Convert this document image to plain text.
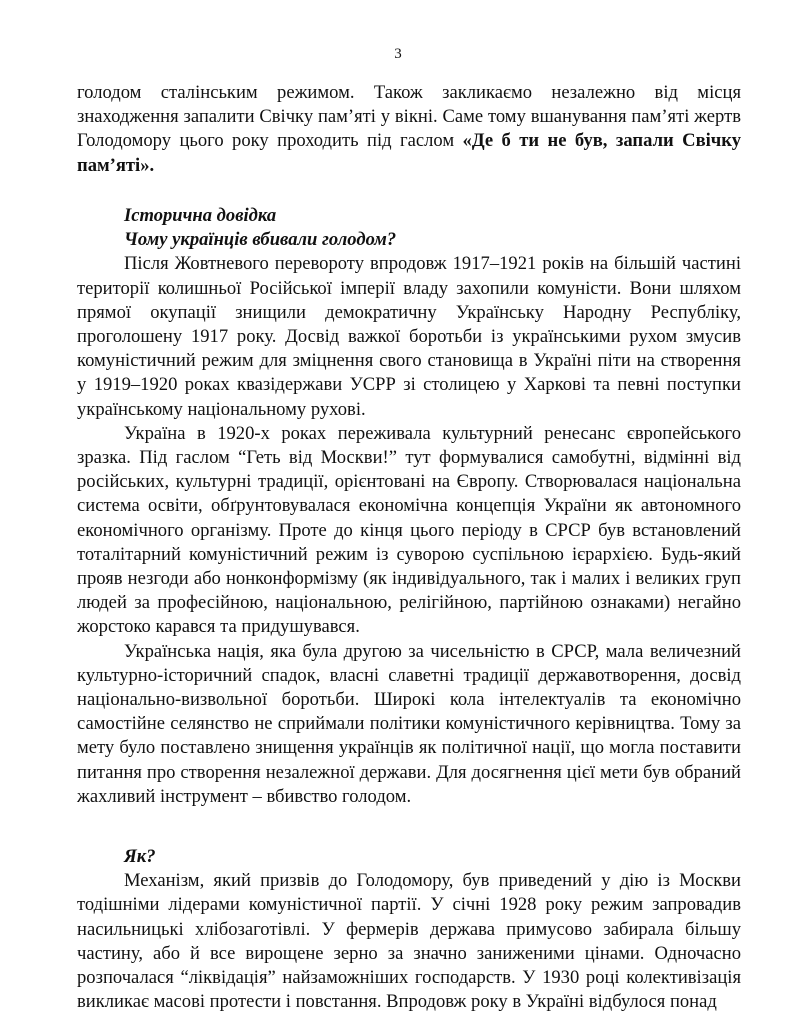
3

голодом сталінським режимом. Також закликаємо незалежно від місця знаходження запалити Свічку пам’яті у вікні. Саме тому вшанування пам’яті жертв Голодомору цього року проходить під гаслом «Де б ти не був, запали Свічку пам’яті».

Історична довідка
Чому українців вбивали голодом?

Після Жовтневого перевороту впродовж 1917–1921 років на більшій частині території колишньої Російської імперії владу захопили комуністи. Вони шляхом прямої окупації знищили демократичну Українську Народну Республіку, проголошену 1917 року. Досвід важкої боротьби із українськими рухом змусив комуністичний режим для зміцнення свого становища в Україні піти на створення у 1919–1920 роках квазідержави УСРР зі столицею у Харкові та певні поступки українському національному рухові.

Україна в 1920-х роках переживала культурний ренесанс європейського зразка. Під гаслом “Геть від Москви!” тут формувалися самобутні, відмінні від російських, культурні традиції, орієнтовані на Європу. Створювалася національна система освіти, обґрунтовувалася економічна концепція України як автономного економічного організму. Проте до кінця цього періоду в СРСР був встановлений тоталітарний комуністичний режим із суворою суспільною ієрархією. Будь-який прояв незгоди або нонконформізму (як індивідуального, так і малих і великих груп людей за професійною, національною, релігійною, партійною ознаками) негайно жорстоко карався та придушувався.

Українська нація, яка була другою за чисельністю в СРСР, мала величезний культурно-історичний спадок, власні славетні традиції державотворення, досвід національно-визвольної боротьби. Широкі кола інтелектуалів та економічно самостійне селянство не сприймали політики комуністичного керівництва. Тому за мету було поставлено знищення українців як політичної нації, що могла поставити питання про створення незалежної держави. Для досягнення цієї мети був обраний жахливий інструмент – вбивство голодом.

Як?

Механізм, який призвів до Голодомору, був приведений у дію із Москви тодішніми лідерами комуністичної партії. У січні 1928 року режим запровадив насильницькі хлібозаготівлі. У фермерів держава примусово забирала більшу частину, або й все вирощене зерно за значно заниженими цінами. Одночасно розпочалася “ліквідація” найзаможніших господарств. У 1930 році колективізація викликає масові протести і повстання. Впродовж року в Україні відбулося понад
